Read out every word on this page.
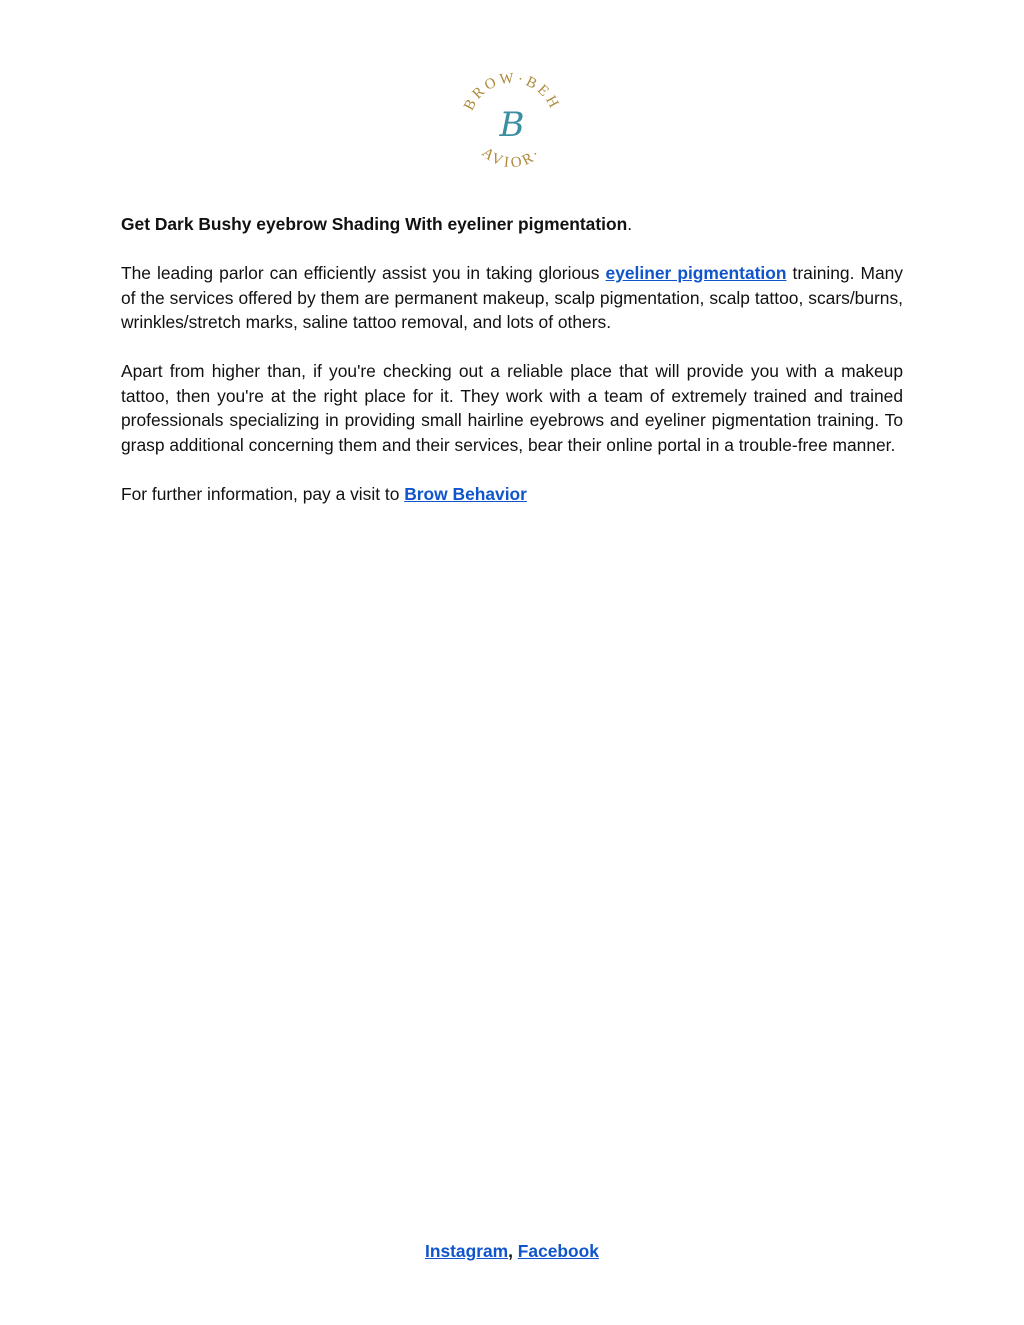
BROW·BEH
AVIOR·
B

Get Dark Bushy eyebrow Shading With eyeliner pigmentation.

The leading parlor can efficiently assist you in taking glorious eyeliner pigmentation training. Many of the services offered by them are permanent makeup, scalp pigmentation, scalp tattoo, scars/burns, wrinkles/stretch marks, saline tattoo removal, and lots of others.

Apart from higher than, if you're checking out a reliable place that will provide you with a makeup tattoo, then you're at the right place for it. They work with a team of extremely trained and trained professionals specializing in providing small hairline eyebrows and eyeliner pigmentation training. To grasp additional concerning them and their services, bear their online portal in a trouble-free manner.

For further information, pay a visit to Brow Behavior

Instagram, Facebook
